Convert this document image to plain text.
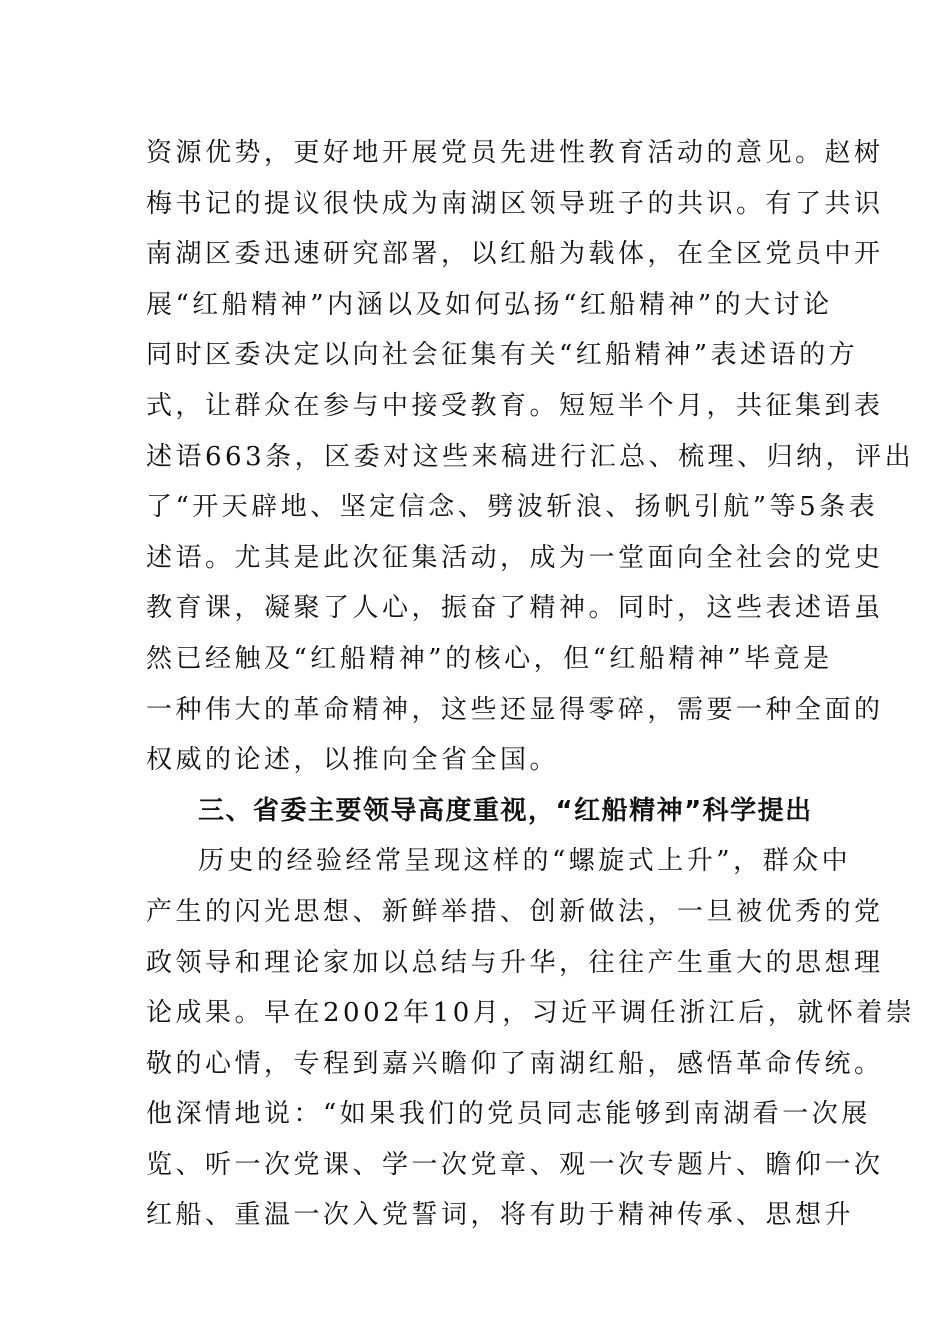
资源优势，更好地开展党员先进性教育活动的意见。赵树
梅书记的提议很快成为南湖区领导班子的共识。有了共识
南湖区委迅速研究部署，以红船为载体，在全区党员中开
展“红船精神”内涵以及如何弘扬“红船精神”的大讨论
同时区委决定以向社会征集有关“红船精神”表述语的方
式，让群众在参与中接受教育。短短半个月，共征集到表
述语663条，区委对这些来稿进行汇总、梳理、归纳，评出
了“开天辟地、坚定信念、劈波斩浪、扬帆引航”等5条表
述语。尤其是此次征集活动，成为一堂面向全社会的党史
教育课，凝聚了人心，振奋了精神。同时，这些表述语虽
然已经触及“红船精神”的核心，但“红船精神”毕竟是
一种伟大的革命精神，这些还显得零碎，需要一种全面的
权威的论述，以推向全省全国。
三、省委主要领导高度重视，“红船精神”科学提出
历史的经验经常呈现这样的“螺旋式上升”，群众中
产生的闪光思想、新鲜举措、创新做法，一旦被优秀的党
政领导和理论家加以总结与升华，往往产生重大的思想理
论成果。早在2002年10月，习近平调任浙江后，就怀着崇
敬的心情，专程到嘉兴瞻仰了南湖红船，感悟革命传统。
他深情地说：“如果我们的党员同志能够到南湖看一次展
览、听一次党课、学一次党章、观一次专题片、瞻仰一次
红船、重温一次入党誓词，将有助于精神传承、思想升
